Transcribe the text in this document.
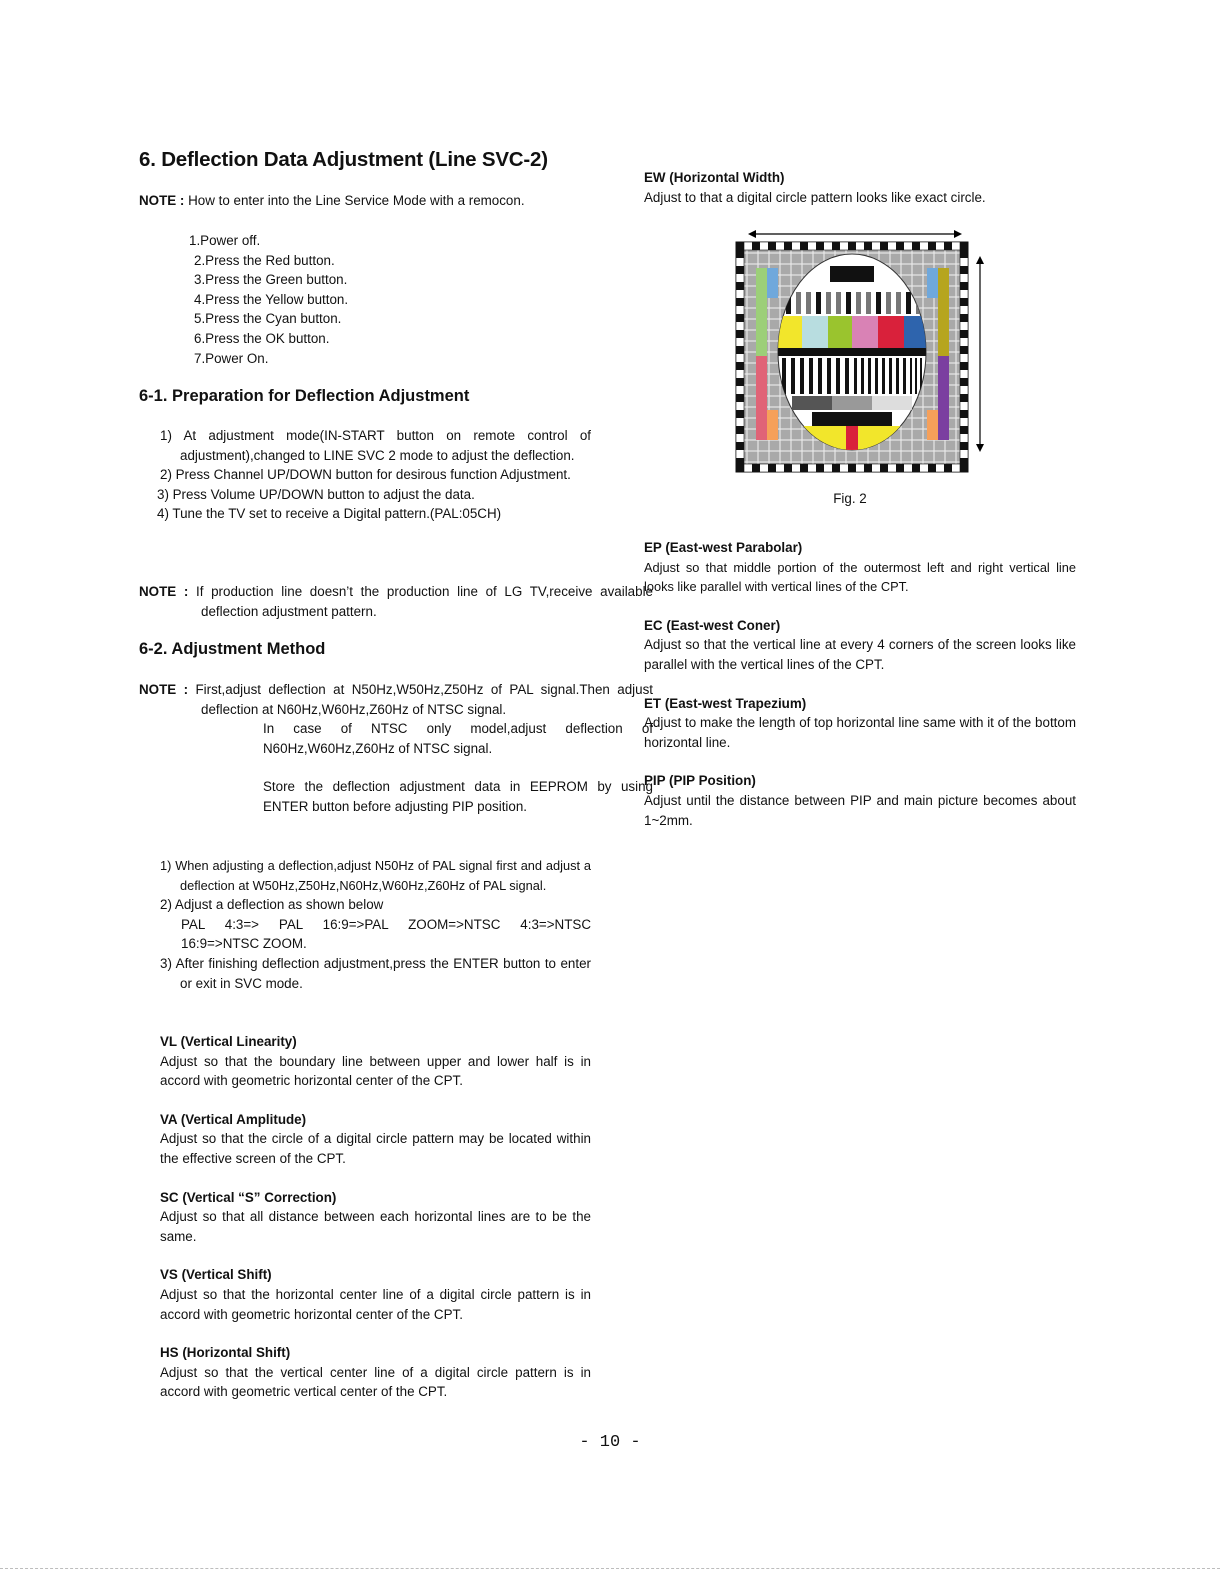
6. Deflection Data Adjustment (Line SVC-2)
NOTE : How to enter into the Line Service Mode with a remocon.
1.Power off.
2.Press the Red button.
3.Press the Green button.
4.Press the Yellow button.
5.Press the Cyan button.
6.Press the OK button.
7.Power On.
6-1. Preparation for Deflection Adjustment
1) At adjustment mode(IN-START button on remote control of adjustment),changed to LINE SVC 2 mode to adjust the deflection.
2) Press Channel UP/DOWN button for desirous function Adjustment.
3) Press Volume UP/DOWN button to adjust the data.
4) Tune the TV set to receive a Digital pattern.(PAL:05CH)
NOTE : If production line doesn’t the production line of LG TV,receive available deflection adjustment pattern.
6-2. Adjustment Method

NOTE : First,adjust deflection at N50Hz,W50Hz,Z50Hz of PAL signal.Then adjust deflection at N60Hz,W60Hz,Z60Hz of NTSC signal.

In case of NTSC only model,adjust deflection of N60Hz,W60Hz,Z60Hz of NTSC signal.

Store the deflection adjustment data in EEPROM by using ENTER button before adjusting PIP position.

1) When adjusting a deflection,adjust N50Hz of PAL signal first and adjust a deflection at W50Hz,Z50Hz,N60Hz,W60Hz,Z60Hz of PAL signal.
2) Adjust a deflection as shown below
PAL 4:3=> PAL 16:9=>PAL ZOOM=>NTSC 4:3=>NTSC 16:9=>NTSC ZOOM.
3) After finishing deflection adjustment,press the ENTER button to enter or exit in SVC mode.
VL (Vertical Linearity)

Adjust so that the boundary line between upper and lower half is in accord with geometric horizontal center of the CPT.

VA (Vertical Amplitude)

Adjust so that the circle of a digital circle pattern may be located within the effective screen of the CPT.

SC (Vertical “S” Correction)

Adjust so that all distance between each horizontal lines are to be the same.

VS (Vertical Shift)

Adjust so that the horizontal center line of a digital circle pattern is in accord with geometric horizontal center of the CPT.

HS (Horizontal Shift)

Adjust so that the vertical center line of a digital circle pattern is in accord with geometric vertical center of the CPT.

EW (Horizontal Width)

Adjust to that a digital circle pattern looks like exact circle.

Fig. 2
EP (East-west Parabolar)

Adjust so that middle portion of the outermost left and right vertical line looks like parallel with vertical lines of the CPT.

EC (East-west Coner)

Adjust so that the vertical line at every 4 corners of the screen looks like parallel with the vertical lines of the CPT.

ET (East-west Trapezium)

Adjust to make the length of top horizontal line same with it of the bottom horizontal line.

PIP (PIP Position)

Adjust until the distance between PIP and main picture becomes about 1~2mm.

- 10 -
